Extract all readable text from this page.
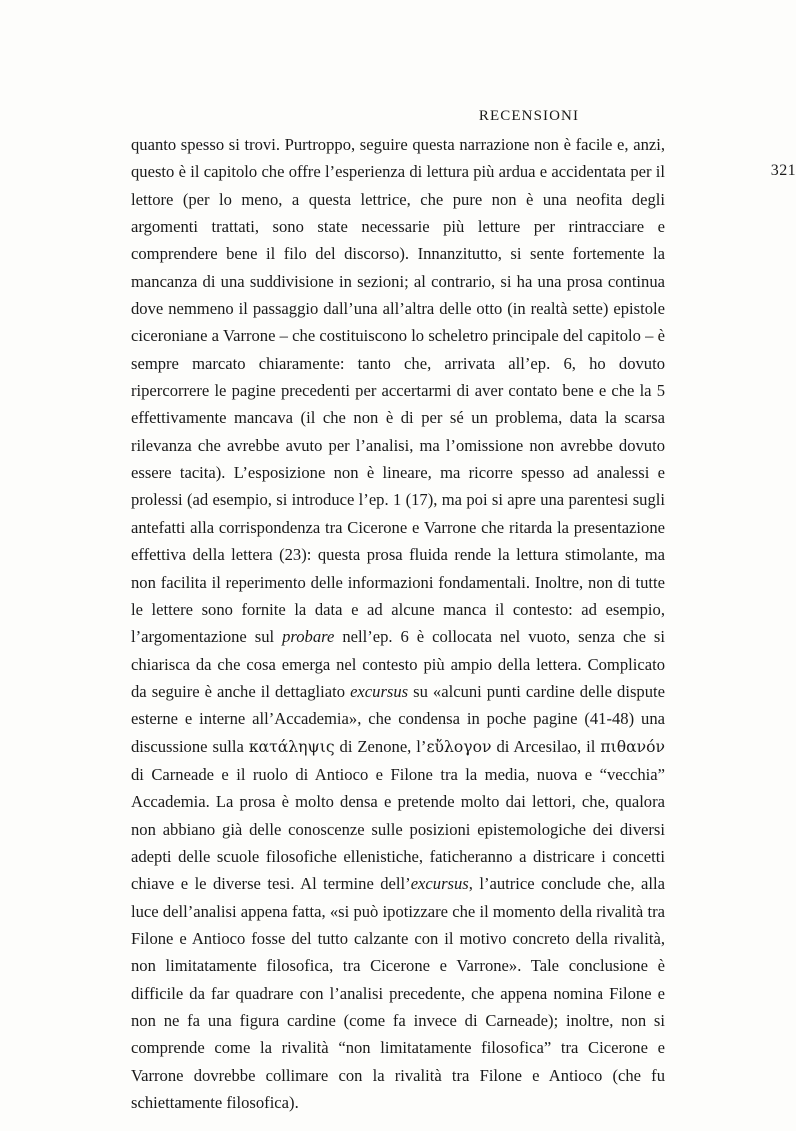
RECENSIONI
321

quanto spesso si trovi. Purtroppo, seguire questa narrazione non è facile e, anzi, questo è il capitolo che offre l’esperienza di lettura più ardua e accidentata per il lettore (per lo meno, a questa lettrice, che pure non è una neofita degli argomenti trattati, sono state necessarie più letture per rintracciare e comprendere bene il filo del discorso). Innanzitutto, si sente fortemente la mancanza di una suddivisione in sezioni; al contrario, si ha una prosa continua dove nemmeno il passaggio dall’una all’altra delle otto (in realtà sette) epistole ciceroniane a Varrone – che costituiscono lo scheletro principale del capitolo – è sempre marcato chiaramente: tanto che, arrivata all’ep. 6, ho dovuto ripercorrere le pagine precedenti per accertarmi di aver contato bene e che la 5 effettivamente mancava (il che non è di per sé un problema, data la scarsa rilevanza che avrebbe avuto per l’analisi, ma l’omissione non avrebbe dovuto essere tacita). L’esposizione non è lineare, ma ricorre spesso ad analessi e prolessi (ad esempio, si introduce l’ep. 1 (17), ma poi si apre una parentesi sugli antefatti alla corrispondenza tra Cicerone e Varrone che ritarda la presentazione effettiva della lettera (23): questa prosa fluida rende la lettura stimolante, ma non facilita il reperimento delle informazioni fondamentali. Inoltre, non di tutte le lettere sono fornite la data e ad alcune manca il contesto: ad esempio, l’argomentazione sul probare nell’ep. 6 è collocata nel vuoto, senza che si chiarisca da che cosa emerga nel contesto più ampio della lettera. Complicato da seguire è anche il dettagliato excursus su «alcuni punti cardine delle dispute esterne e interne all’Accademia», che condensa in poche pagine (41-48) una discussione sulla κατάληψις di Zenone, l’εὔλογον di Arcesilao, il πιθανόν di Carneade e il ruolo di Antioco e Filone tra la media, nuova e “vecchia” Accademia. La prosa è molto densa e pretende molto dai lettori, che, qualora non abbiano già delle conoscenze sulle posizioni epistemologiche dei diversi adepti delle scuole filosofiche ellenistiche, faticheranno a districare i concetti chiave e le diverse tesi. Al termine dell’excursus, l’autrice conclude che, alla luce dell’analisi appena fatta, «si può ipotizzare che il momento della rivalità tra Filone e Antioco fosse del tutto calzante con il motivo concreto della rivalità, non limitatamente filosofica, tra Cicerone e Varrone». Tale conclusione è difficile da far quadrare con l’analisi precedente, che appena nomina Filone e non ne fa una figura cardine (come fa invece di Carneade); inoltre, non si comprende come la rivalità “non limitatamente filosofica” tra Cicerone e Varrone dovrebbe collimare con la rivalità tra Filone e Antioco (che fu schiettamente filosofica).
